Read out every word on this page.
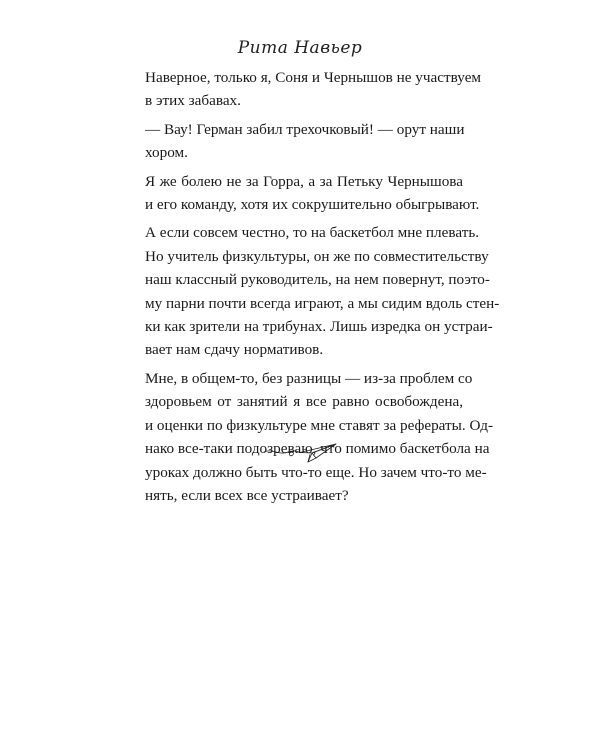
Рита Навьер

Наверное, только я, Соня и Чернышов не участвуем
в этих забавах.

— Вау! Герман забил трехочковый! — орут наши
хором.

Я же болею не за Горра, а за Петьку Чернышова
и его команду, хотя их сокрушительно обыгрывают.

А если совсем честно, то на баскетбол мне плевать.
Но учитель физкультуры, он же по совместительству
наш классный руководитель, на нем повернут, поэто-
му парни почти всегда играют, а мы сидим вдоль стен-
ки как зрители на трибунах. Лишь изредка он устраи-
вает нам сдачу нормативов.

Мне, в общем-то, без разницы — из-за проблем со
здоровьем от занятий я все равно освобождена,
и оценки по физкультуре мне ставят за рефераты. Од-
нако все-таки подозреваю, что помимо баскетбола на
уроках должно быть что-то еще. Но зачем что-то ме-
нять, если всех все устраивает?
